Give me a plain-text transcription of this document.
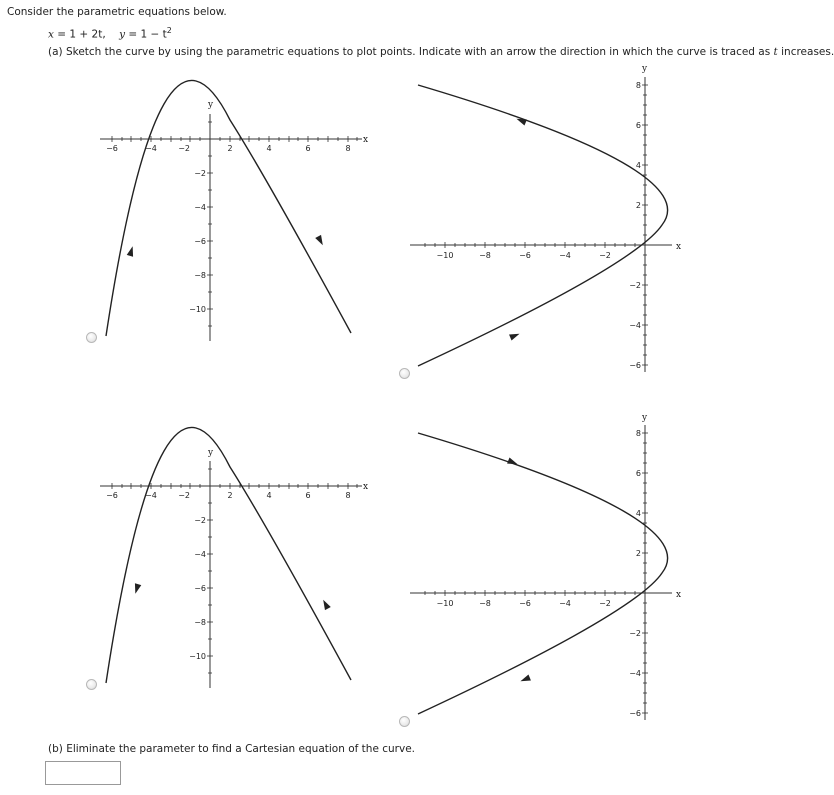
Consider the parametric equations below.
x = 1 + 2t, $y = 1 - t^2$
(a) Sketch the curve by using the parametric equations to plot points. Indicate with an arrow the direction in which the curve is traced as t increases.
−6	−4	−2	2	4	6	8
−2
−4
−6
−8
−10
y
x
−10	−8	−6	−4	−2
8
6
4
2
−2
−4
−6
y
x
−6	−4	−2	2	4	6	8
−2
−4
−6
−8
−10
y
x
−10	−8	−6	−4	−2
8
6
4
2
−2
−4
−6
y
x
(b) Eliminate the parameter to find a Cartesian equation of the curve.
